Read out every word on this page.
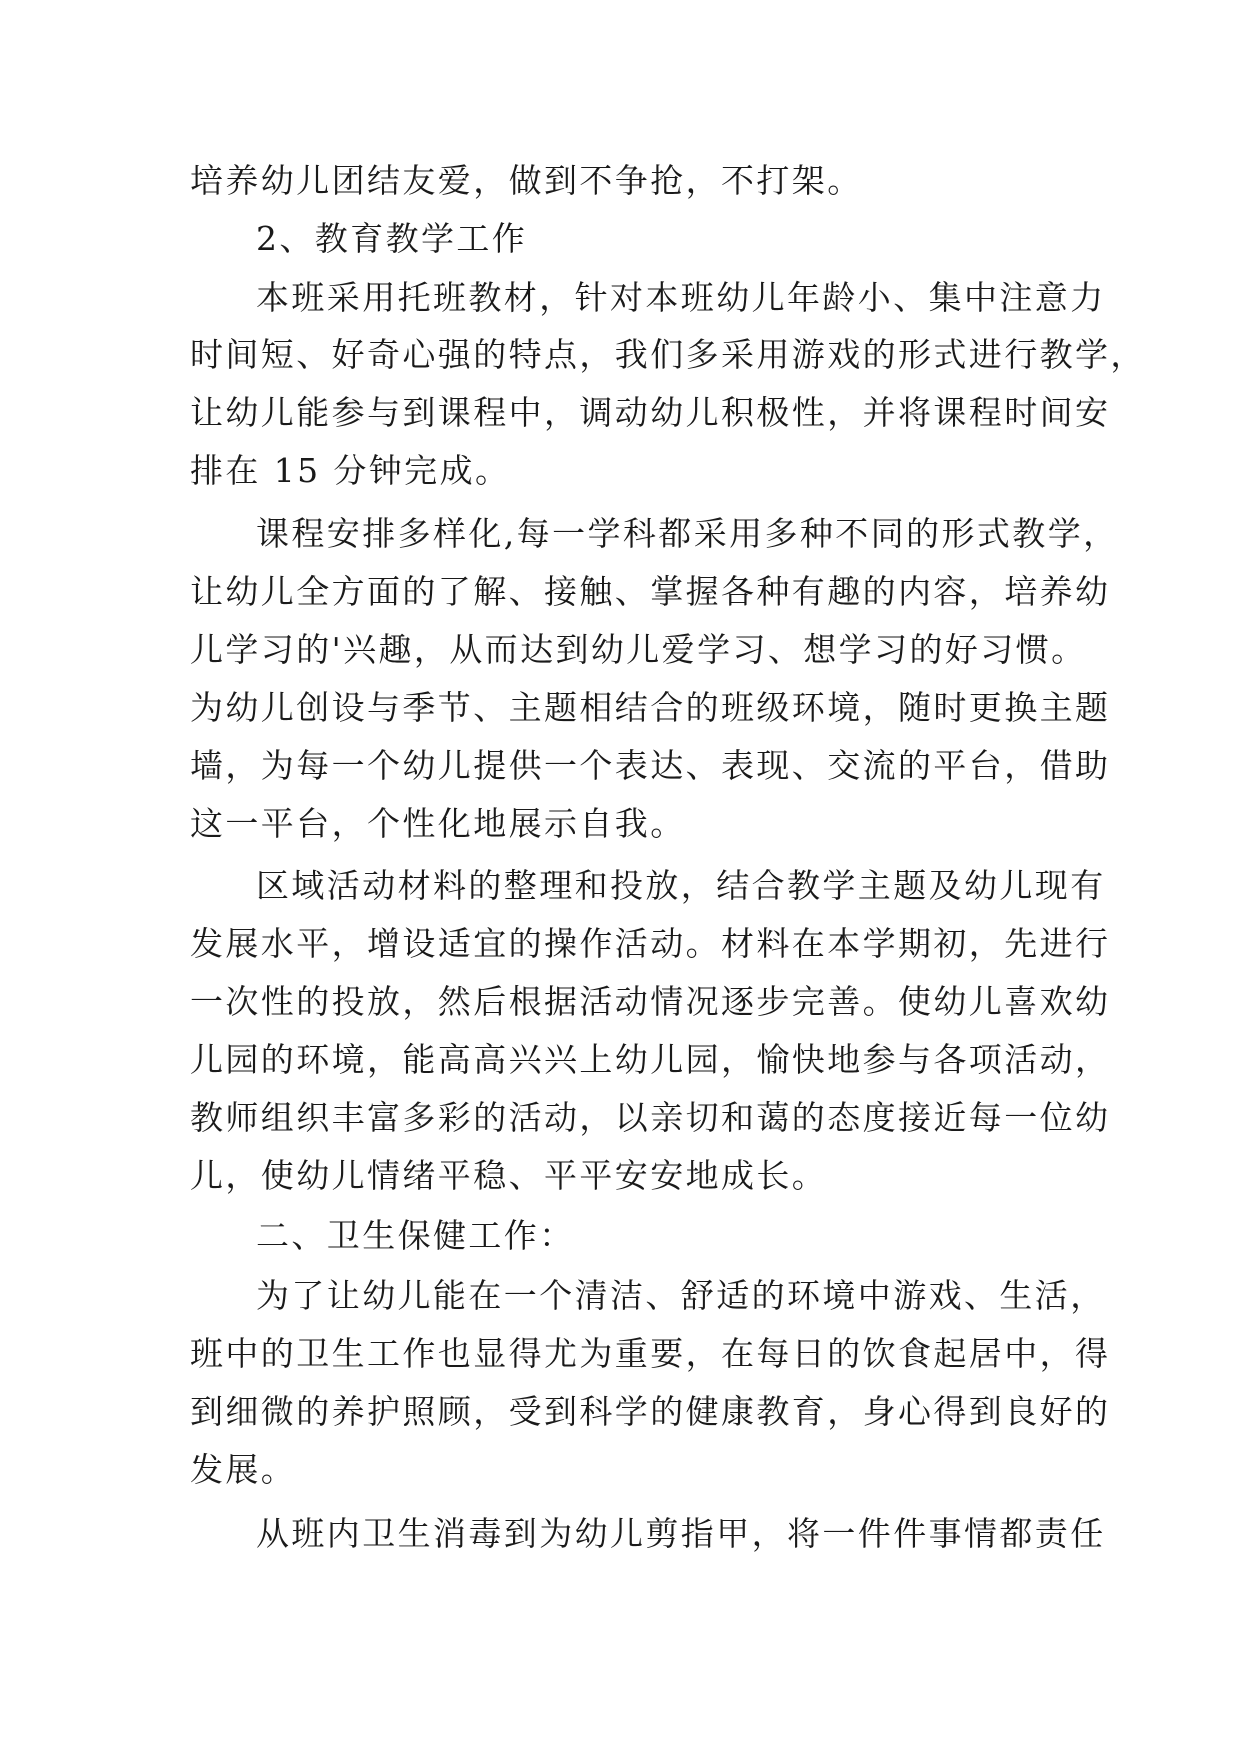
培养幼儿团结友爱，做到不争抢，不打架。
2、教育教学工作
本班采用托班教材，针对本班幼儿年龄小、集中注意力
时间短、好奇心强的特点，我们多采用游戏的形式进行教学，
让幼儿能参与到课程中，调动幼儿积极性，并将课程时间安
排在 15 分钟完成。
课程安排多样化,每一学科都采用多种不同的形式教学，
让幼儿全方面的了解、接触、掌握各种有趣的内容，培养幼
儿学习的'兴趣，从而达到幼儿爱学习、想学习的好习惯。
为幼儿创设与季节、主题相结合的班级环境，随时更换主题
墙，为每一个幼儿提供一个表达、表现、交流的平台，借助
这一平台，个性化地展示自我。
区域活动材料的整理和投放，结合教学主题及幼儿现有
发展水平，增设适宜的操作活动。材料在本学期初，先进行
一次性的投放，然后根据活动情况逐步完善。使幼儿喜欢幼
儿园的环境，能高高兴兴上幼儿园，愉快地参与各项活动，
教师组织丰富多彩的活动，以亲切和蔼的态度接近每一位幼
儿，使幼儿情绪平稳、平平安安地成长。
二、卫生保健工作：
为了让幼儿能在一个清洁、舒适的环境中游戏、生活，
班中的卫生工作也显得尤为重要，在每日的饮食起居中，得
到细微的养护照顾，受到科学的健康教育，身心得到良好的
发展。
从班内卫生消毒到为幼儿剪指甲，将一件件事情都责任
